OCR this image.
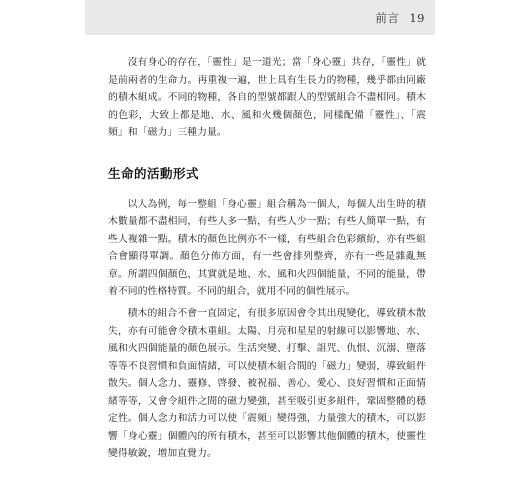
前言 19

沒有身心的存在，「靈性」是一道光；當「身心靈」共存，「靈性」就是前兩者的生命力。再重複一遍，世上具有生長力的物種，幾乎都由同廠的積木組成。不同的物種，各自的型號都跟人的型號組合不盡相同。積木的色彩，大致上都是地、水、風和火幾個顏色，同樣配備「靈性」、「震頻」和「磁力」三種力量。

生命的活動形式

以人為例，每一整組「身心靈」組合稱為一個人，每個人出生時的積木數量都不盡相同，有些人多一點，有些人少一點；有些人簡單一點，有些人複雜一點。積木的顏色比例亦不一樣，有些組合色彩繽紛，亦有些組合會顯得單調。顏色分佈方面，有一些會排列整齊，亦有一些是雜亂無章。所謂四個顏色，其實就是地、水、風和火四個能量，不同的能量，帶着不同的性格特質。不同的組合，就用不同的個性展示。

積木的組合不會一直固定，有很多原因會令其出現變化，導致積木散失，亦有可能會令積木重組。太陽、月亮和星星的射線可以影響地、水、風和火四個能量的顏色展示。生活突變、打擊、詛咒、仇恨、沉溺、墮落等等不良習慣和負面情緒，可以使積木組合間的「磁力」變弱，導致組件散失。個人念力、靈修、啓發、被祝福、善心、愛心、良好習慣和正面情緒等等，又會令組件之間的磁力變強，甚至吸引更多組件，鞏固整體的穩定性。個人念力和活力可以使「震頻」變得強，力量強大的積木，可以影響「身心靈」個體內的所有積木，甚至可以影響其他個體的積木，使靈性變得敏銳，增加直覺力。
